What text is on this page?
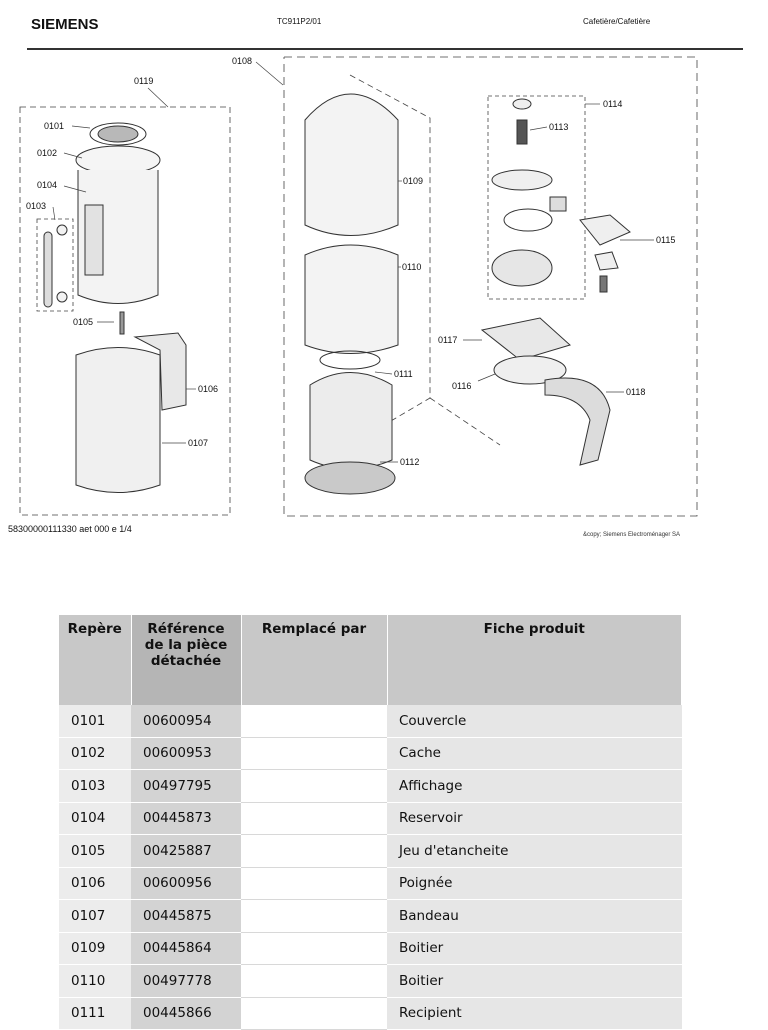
SIEMENS	TC911P2/01	Cafetière/Cafetière
0101
0102
0103
0104
0105
0106
0107
0108
0109
0110
0111
0112
0113
0114
0115
0116
0117
0118
0119
58300000111330 aet 000 e 1/4
&copy; Siemens Electroménager SA
Repère	Référence de la pièce détachée	Remplacé par	Fiche produit
0101	00600954		Couvercle
0102	00600953		Cache
0103	00497795		Affichage
0104	00445873		Reservoir
0105	00425887		Jeu d'etancheite
0106	00600956		Poignée
0107	00445875		Bandeau
0109	00445864		Boitier
0110	00497778		Boitier
0111	00445866		Recipient
